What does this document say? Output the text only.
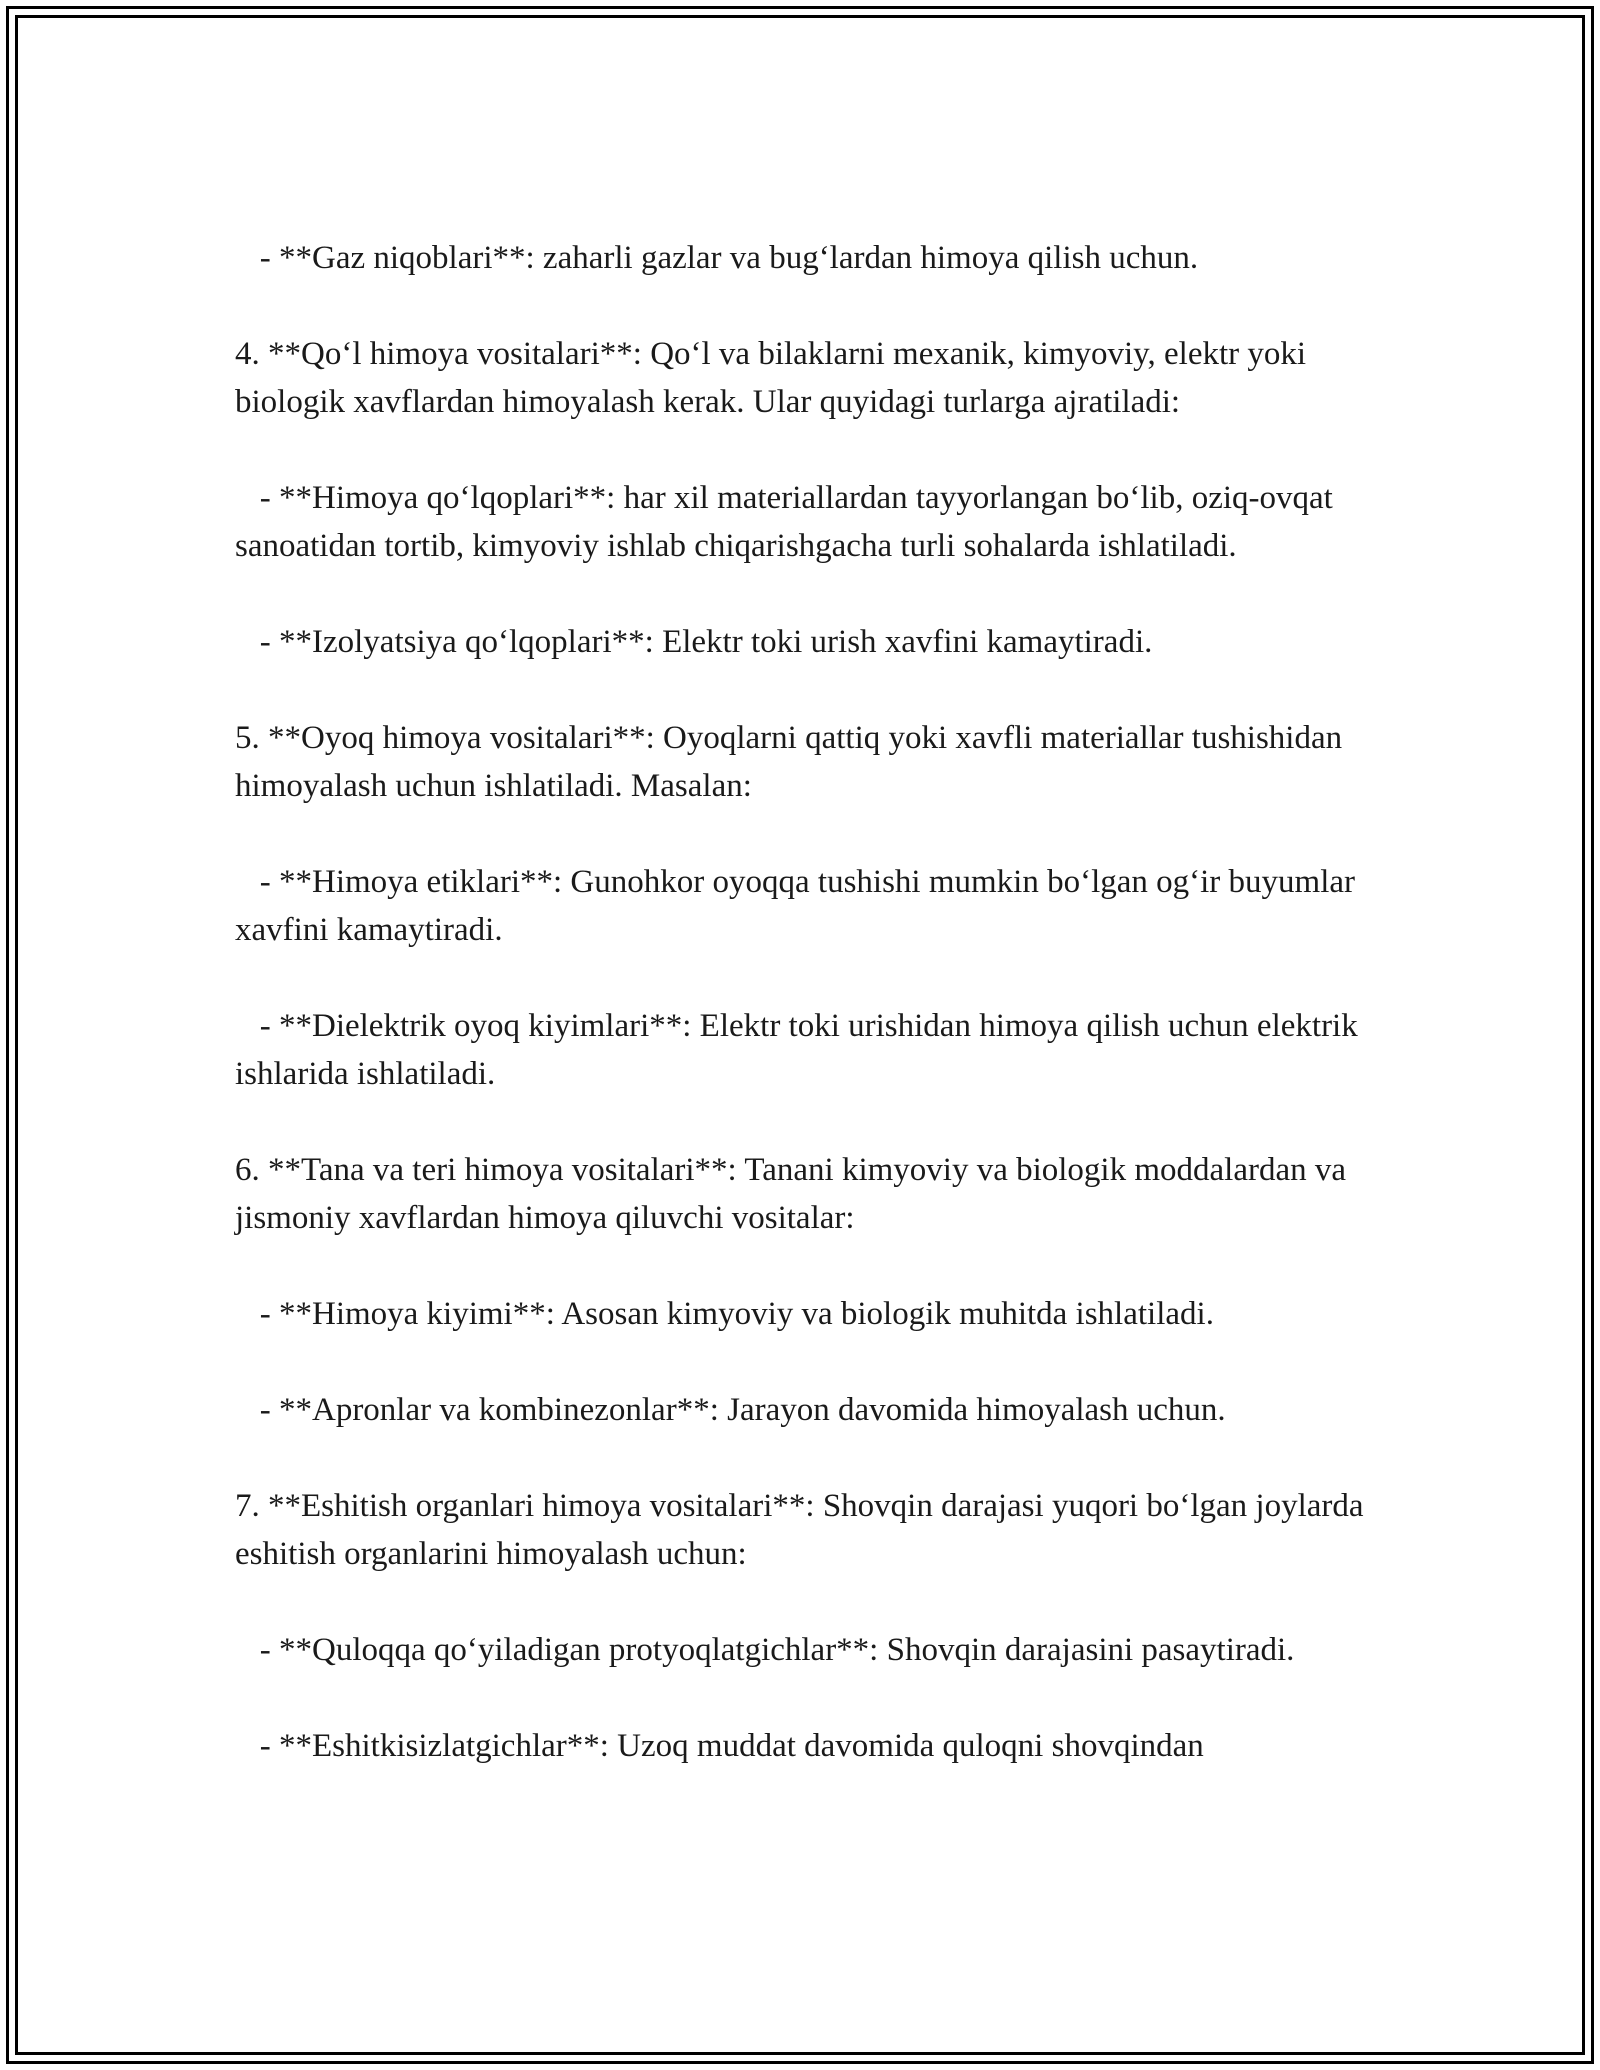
- **Gaz niqoblari**: zaharli gazlar va bug‘lardan himoya qilish uchun.

4. **Qo‘l himoya vositalari**: Qo‘l va bilaklarni mexanik, kimyoviy, elektr yoki biologik xavflardan himoyalash kerak. Ular quyidagi turlarga ajratiladi:

- **Himoya qo‘lqoplari**: har xil materiallardan tayyorlangan bo‘lib, oziq-ovqat sanoatidan tortib, kimyoviy ishlab chiqarishgacha turli sohalarda ishlatiladi.

- **Izolyatsiya qo‘lqoplari**: Elektr toki urish xavfini kamaytiradi.

5. **Oyoq himoya vositalari**: Oyoqlarni qattiq yoki xavfli materiallar tushishidan himoyalash uchun ishlatiladi. Masalan:

- **Himoya etiklari**: Gunohkor oyoqqa tushishi mumkin bo‘lgan og‘ir buyumlar xavfini kamaytiradi.

- **Dielektrik oyoq kiyimlari**: Elektr toki urishidan himoya qilish uchun elektrik ishlarida ishlatiladi.

6. **Tana va teri himoya vositalari**: Tanani kimyoviy va biologik moddalardan va jismoniy xavflardan himoya qiluvchi vositalar:

- **Himoya kiyimi**: Asosan kimyoviy va biologik muhitda ishlatiladi.

- **Apronlar va kombinezonlar**: Jarayon davomida himoyalash uchun.

7. **Eshitish organlari himoya vositalari**: Shovqin darajasi yuqori bo‘lgan joylarda eshitish organlarini himoyalash uchun:

- **Quloqqa qo‘yiladigan protyoqlatgichlar**: Shovqin darajasini pasaytiradi.

- **Eshitkisizlatgichlar**: Uzoq muddat davomida quloqni shovqindan
